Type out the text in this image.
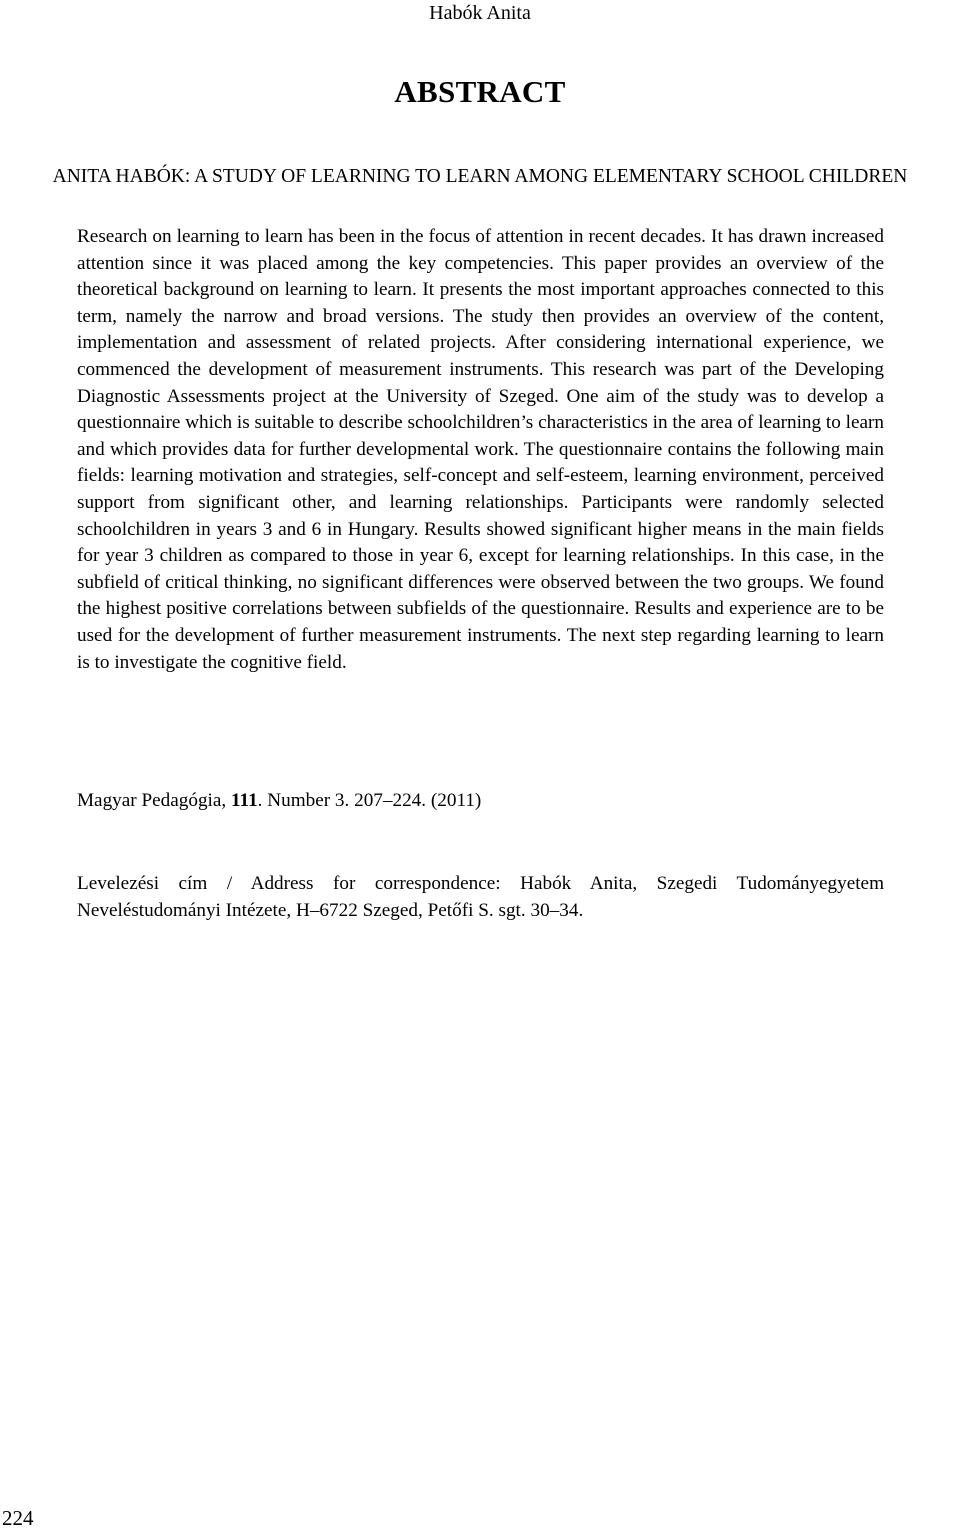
Habók Anita
ABSTRACT
ANITA HABÓK: A STUDY OF LEARNING TO LEARN AMONG ELEMENTARY SCHOOL CHILDREN

Research on learning to learn has been in the focus of attention in recent decades. It has drawn increased attention since it was placed among the key competencies. This paper provides an overview of the theoretical background on learning to learn. It presents the most important approaches connected to this term, namely the narrow and broad versions. The study then provides an overview of the content, implementation and assessment of related projects. After considering international experience, we commenced the development of measurement instruments. This research was part of the Developing Diagnostic Assessments project at the University of Szeged. One aim of the study was to develop a questionnaire which is suitable to describe schoolchildren’s characteristics in the area of learning to learn and which provides data for further developmental work. The questionnaire contains the following main fields: learning motivation and strategies, self-concept and self-esteem, learning environment, perceived support from significant other, and learning relationships. Participants were randomly selected schoolchildren in years 3 and 6 in Hungary. Results showed significant higher means in the main fields for year 3 children as compared to those in year 6, except for learning relationships. In this case, in the subfield of critical thinking, no significant differences were observed between the two groups. We found the highest positive correlations between subfields of the questionnaire. Results and experience are to be used for the development of further measurement instruments. The next step regarding learning to learn is to investigate the cognitive field.

Magyar Pedagógia, 111. Number 3. 207–224. (2011)

Levelezési cím / Address for correspondence: Habók Anita, Szegedi Tudományegyetem Neveléstudományi Intézete, H–6722 Szeged, Petőfi S. sgt. 30–34.

224
